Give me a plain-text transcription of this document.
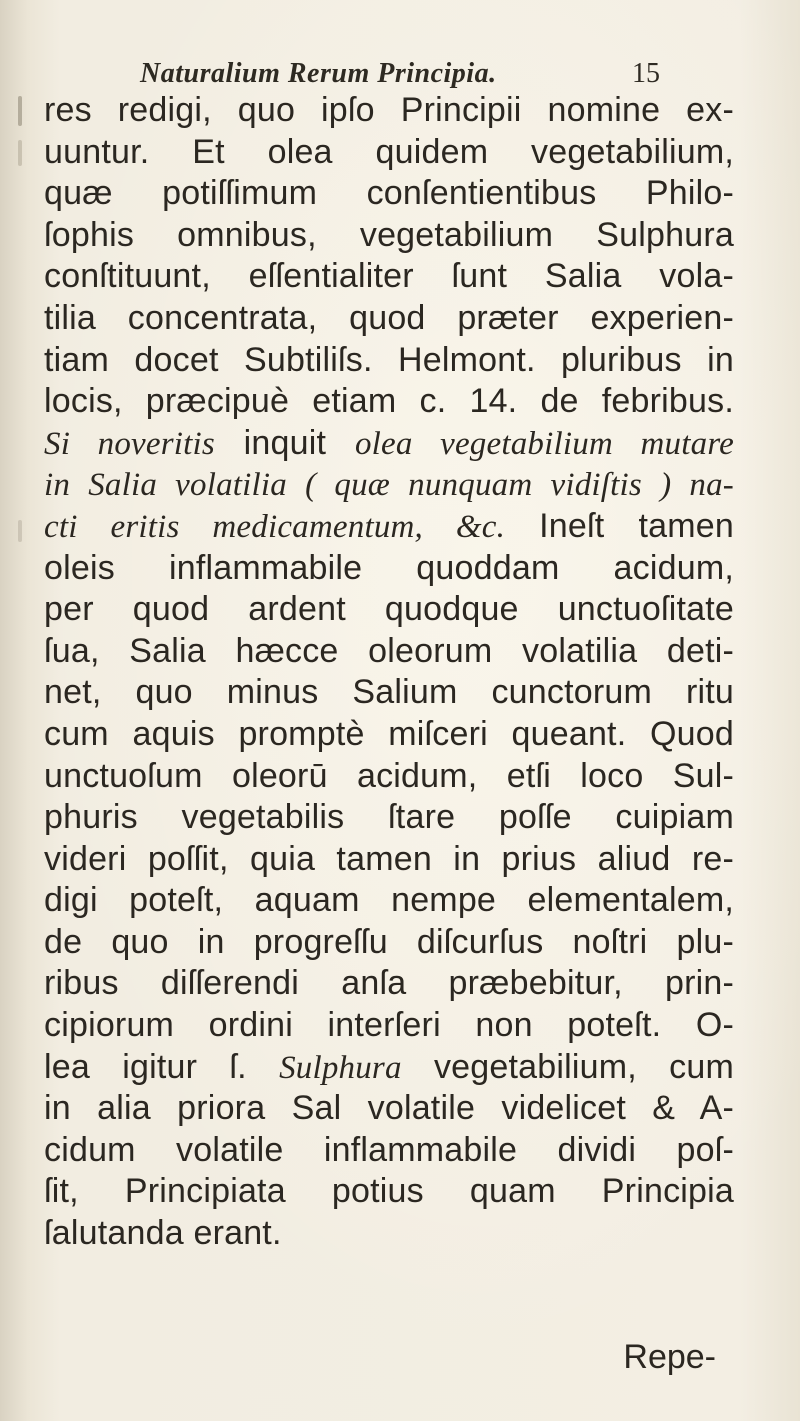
Naturalium Rerum Principia.	15
res redigi, quo ipſo Principii nomine ex-
uuntur. Et olea quidem vegetabilium,
quæ potiſſimum conſentientibus Philo-
ſophis omnibus, vegetabilium Sulphura
conſtituunt, eſſentialiter ſunt Salia vola-
tilia concentrata, quod præter experien-
tiam docet Subtiliſs. Helmont. pluribus in
locis, præcipuè etiam c. 14. de febribus.
Si noveritis inquit olea vegetabilium mutare
in Salia volatilia ( quæ nunquam vidiſtis ) na-
cti eritis medicamentum, &c. Ineſt tamen
oleis inflammabile quoddam acidum,
per quod ardent quodque unctuoſitate
ſua, Salia hæcce oleorum volatilia deti-
net, quo minus Salium cunctorum ritu
cum aquis promptè miſceri queant. Quod
unctuoſum oleorū acidum, etſi loco Sul-
phuris vegetabilis ſtare poſſe cuipiam
videri poſſit, quia tamen in prius aliud re-
digi poteſt, aquam nempe elementalem,
de quo in progreſſu diſcurſus noſtri plu-
ribus diſſerendi anſa præbebitur, prin-
cipiorum ordini interſeri non poteſt. O-
lea igitur ſ. Sulphura vegetabilium, cum
in alia priora Sal volatile videlicet & A-
cidum volatile inflammabile dividi poſ-
ſit, Principiata potius quam Principia
ſalutanda erant.
Repe-
